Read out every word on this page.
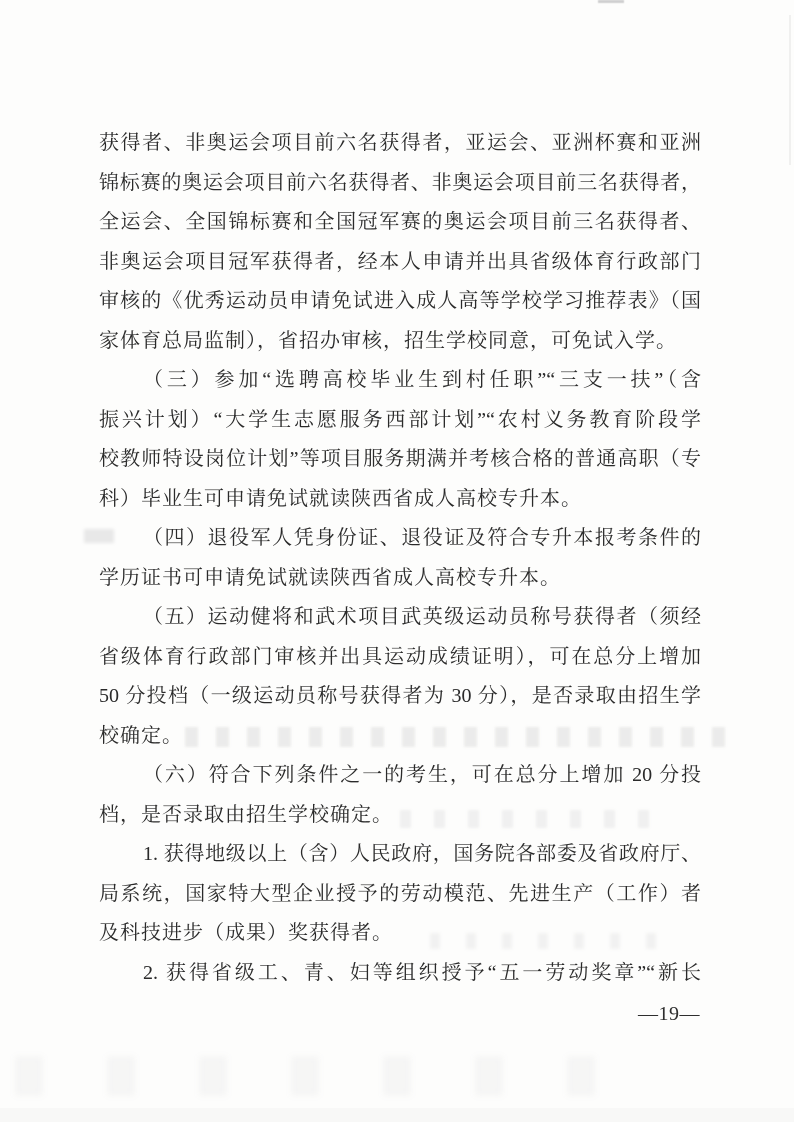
获得者、非奥运会项目前六名获得者，亚运会、亚洲杯赛和亚洲
锦标赛的奥运会项目前六名获得者、非奥运会项目前三名获得者，
全运会、全国锦标赛和全国冠军赛的奥运会项目前三名获得者、
非奥运会项目冠军获得者，经本人申请并出具省级体育行政部门
审核的《优秀运动员申请免试进入成人高等学校学习推荐表》（国
家体育总局监制），省招办审核，招生学校同意，可免试入学。
（三）参加“选聘高校毕业生到村任职”“三支一扶”（含
振兴计划）“大学生志愿服务西部计划”“农村义务教育阶段学
校教师特设岗位计划”等项目服务期满并考核合格的普通高职（专
科）毕业生可申请免试就读陕西省成人高校专升本。
（四）退役军人凭身份证、退役证及符合专升本报考条件的
学历证书可申请免试就读陕西省成人高校专升本。
（五）运动健将和武术项目武英级运动员称号获得者（须经
省级体育行政部门审核并出具运动成绩证明），可在总分上增加
50 分投档（一级运动员称号获得者为 30 分），是否录取由招生学
校确定。
（六）符合下列条件之一的考生，可在总分上增加 20 分投
档，是否录取由招生学校确定。
1. 获得地级以上（含）人民政府，国务院各部委及省政府厅、
局系统，国家特大型企业授予的劳动模范、先进生产（工作）者
及科技进步（成果）奖获得者。
2. 获得省级工、青、妇等组织授予“五一劳动奖章”“新长
—19—
